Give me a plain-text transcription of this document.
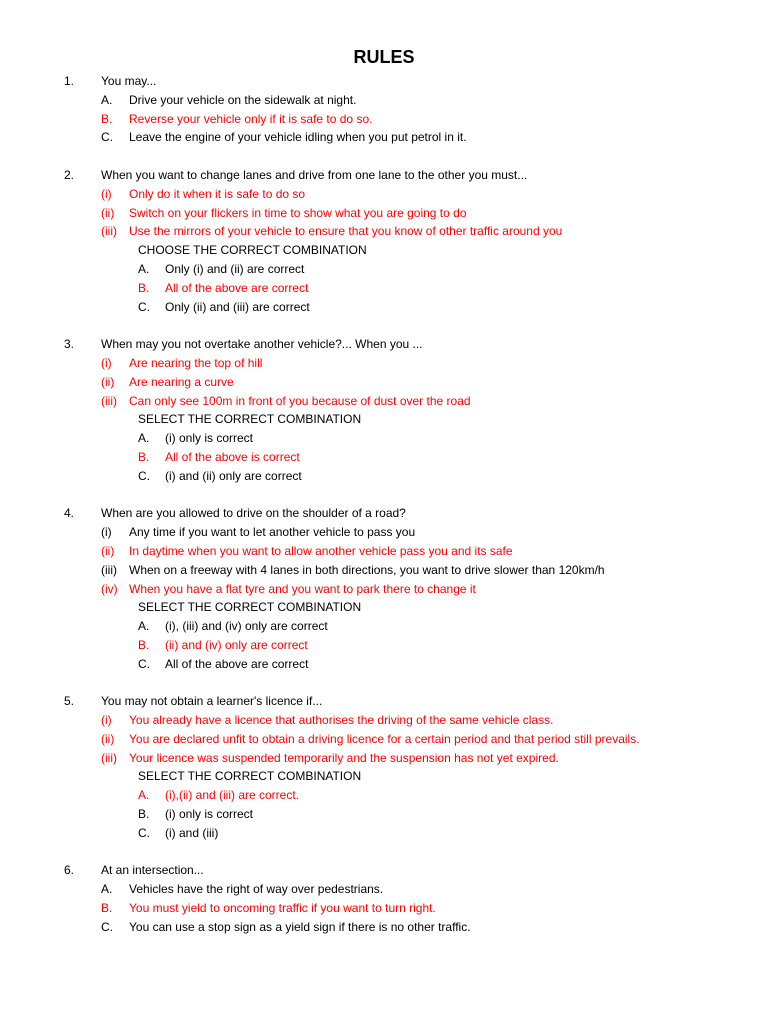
RULES
1. You may...
A. Drive your vehicle on the sidewalk at night.
B. Reverse your vehicle only if it is safe to do so.
C. Leave the engine of your vehicle idling when you put petrol in it.
2. When you want to change lanes and drive from one lane to the other you must...
(i) Only do it when it is safe to do so
(ii) Switch on your flickers in time to show what you are going to do
(iii) Use the mirrors of your vehicle to ensure that you know of other traffic around you
CHOOSE THE CORRECT COMBINATION
A. Only (i) and (ii) are correct
B. All of the above are correct
C. Only (ii) and (iii) are correct
3. When may you not overtake another vehicle?... When you ...
(i) Are nearing the top of hill
(ii) Are nearing a curve
(iii) Can only see 100m in front of you because of dust over the road
SELECT THE CORRECT COMBINATION
A. (i) only is correct
B. All of the above is correct
C. (i) and (ii) only are correct
4. When are you allowed to drive on the shoulder of a road?
(i) Any time if you want to let another vehicle to pass you
(ii) In daytime when you want to allow another vehicle pass you and its safe
(iii) When on a freeway with 4 lanes in both directions, you want to drive slower than 120km/h
(iv) When you have a flat tyre and you want to park there to change it
SELECT THE CORRECT COMBINATION
A. (i), (iii) and (iv) only are correct
B. (ii) and (iv) only are correct
C. All of the above are correct
5. You may not obtain a learner's licence if...
(i) You already have a licence that authorises the driving of the same vehicle class.
(ii) You are declared unfit to obtain a driving licence for a certain period and that period still prevails.
(iii) Your licence was suspended temporarily and the suspension has not yet expired.
SELECT THE CORRECT COMBINATION
A. (i),(ii) and (iii) are correct.
B. (i) only is correct
C. (i) and (iii)
6. At an intersection...
A. Vehicles have the right of way over pedestrians.
B. You must yield to oncoming traffic if you want to turn right.
C. You can use a stop sign as a yield sign if there is no other traffic.
